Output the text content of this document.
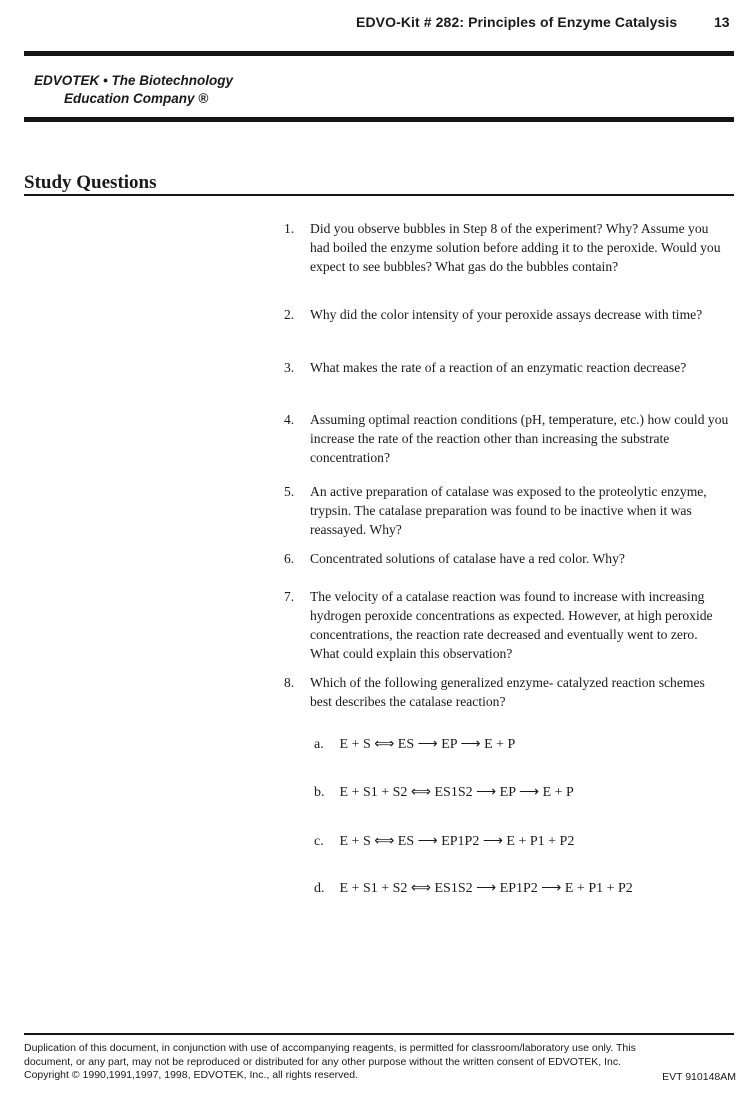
EDVO-Kit # 282: Principles of Enzyme Catalysis	13
EDVOTEK • The Biotechnology
Education Company ®
Study Questions
1.	Did you observe bubbles in Step 8 of the experiment? Why? Assume you had boiled the enzyme solution before adding it to the peroxide. Would you expect to see bubbles? What gas do the bubbles contain?
2.	Why did the color intensity of your peroxide assays decrease with time?
3.	What makes the rate of a reaction of an enzymatic reaction decrease?
4.	Assuming optimal reaction conditions (pH, temperature, etc.) how could you increase the rate of the reaction other than increasing the substrate concentration?
5.	An active preparation of catalase was exposed to the proteolytic enzyme, trypsin. The catalase preparation was found to be inactive when it was reassayed. Why?
6.	Concentrated solutions of catalase have a red color. Why?
7.	The velocity of a catalase reaction was found to increase with increasing hydrogen peroxide concentrations as expected. However, at high peroxide concentrations, the reaction rate decreased and eventually went to zero. What could explain this observation?
8.	Which of the following generalized enzyme- catalyzed reaction schemes best describes the catalase reaction?
a. E + S ⟺ ES ⟶ EP ⟶ E + P
b. E + S1 + S2 ⟺ ES1S2 ⟶ EP ⟶ E + P
c. E + S ⟺ ES ⟶ EP1P2 ⟶ E + P1 + P2
d. E + S1 + S2 ⟺ ES1S2 ⟶ EP1P2 ⟶ E + P1 + P2
Duplication of this document, in conjunction with use of accompanying reagents, is permitted for classroom/laboratory use only. This
document, or any part, may not be reproduced or distributed for any other purpose without the written consent of EDVOTEK, Inc.
Copyright © 1990,1991,1997, 1998, EDVOTEK, Inc., all rights reserved.	EVT 910148AM
